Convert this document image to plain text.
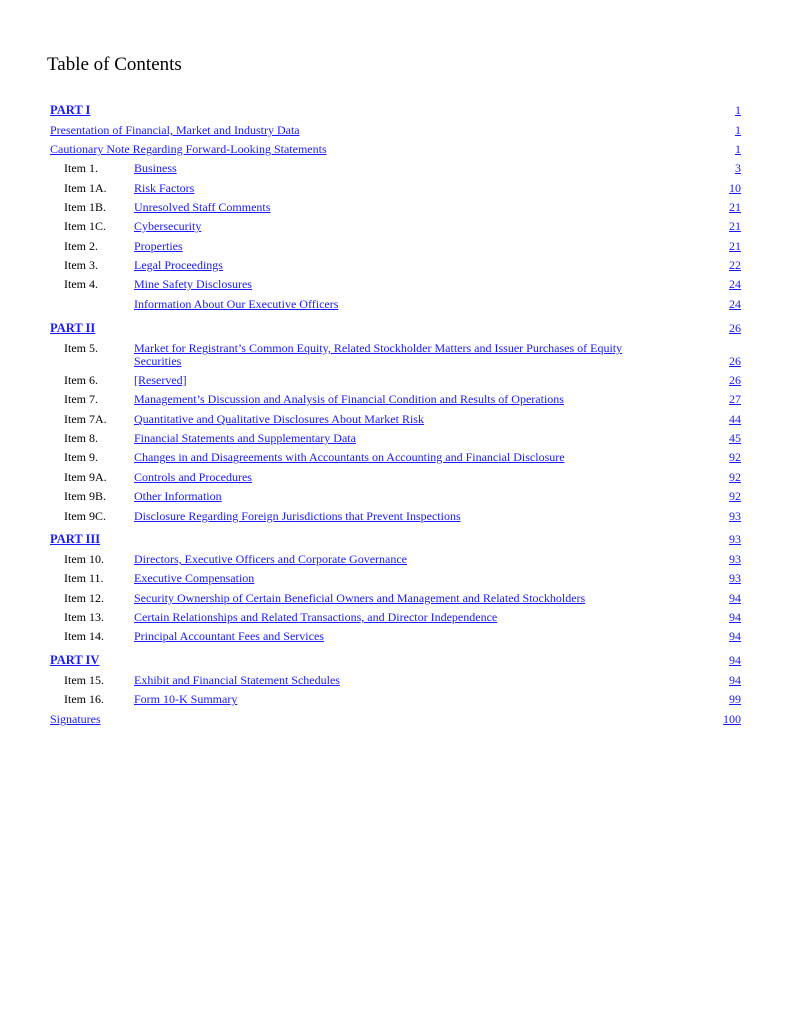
Table of Contents
PART I	1
Presentation of Financial, Market and Industry Data	1
Cautionary Note Regarding Forward-Looking Statements	1
Item 1.	Business	3
Item 1A. Risk Factors	10
Item 1B. Unresolved Staff Comments	21
Item 1C. Cybersecurity	21
Item 2.	Properties	21
Item 3.	Legal Proceedings	22
Item 4.	Mine Safety Disclosures	24
Information About Our Executive Officers	24
PART II	26
Item 5.	Market for Registrant’s Common Equity, Related Stockholder Matters and Issuer Purchases of Equity
Securities	26
Item 6.	[Reserved]	26
Item 7.	Management’s Discussion and Analysis of Financial Condition and Results of Operations	27
Item 7A. Quantitative and Qualitative Disclosures About Market Risk	44
Item 8.	Financial Statements and Supplementary Data	45
Item 9.	Changes in and Disagreements with Accountants on Accounting and Financial Disclosure	92
Item 9A. Controls and Procedures	92
Item 9B. Other Information	92
Item 9C. Disclosure Regarding Foreign Jurisdictions that Prevent Inspections	93
PART III	93
Item 10.	Directors, Executive Officers and Corporate Governance	93
Item 11.	Executive Compensation	93
Item 12.	Security Ownership of Certain Beneficial Owners and Management and Related Stockholders	94
Item 13.	Certain Relationships and Related Transactions, and Director Independence	94
Item 14.	Principal Accountant Fees and Services	94
PART IV	94
Item 15.	Exhibit and Financial Statement Schedules	94
Item 16.	Form 10-K Summary	99
Signatures	100
